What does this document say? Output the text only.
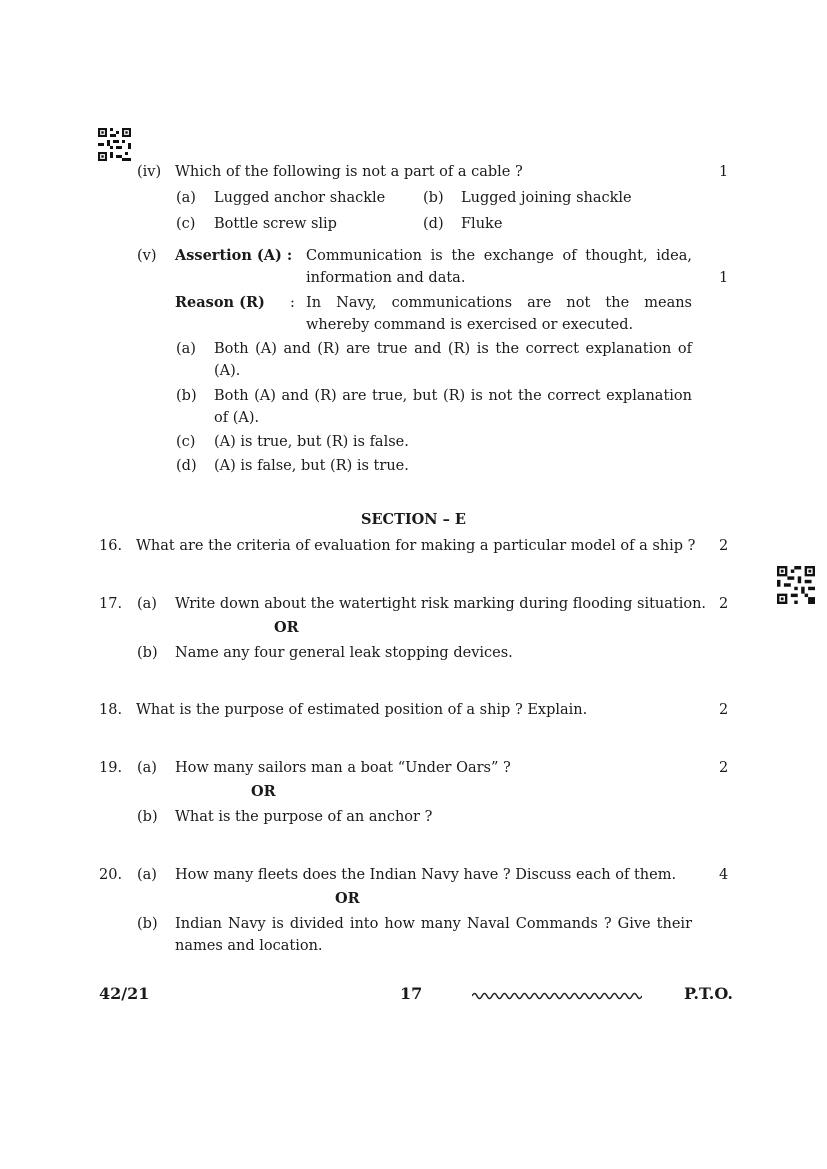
(iv) Which of the following is not a part of a cable ?	1
(a) Lugged anchor shackle	(b) Lugged joining shackle
(c) Bottle screw slip	(d) Fluke
(v) Assertion (A) : Communication is the exchange of thought, idea,
information and data.	1
Reason (R) : In Navy, communications are not the means
whereby command is exercised or executed.
(a) Both (A) and (R) are true and (R) is the correct explanation of
(A).
(b) Both (A) and (R) are true, but (R) is not the correct explanation
of (A).
(c) (A) is true, but (R) is false.
(d) (A) is false, but (R) is true.
SECTION – E
16. What are the criteria of evaluation for making a particular model of a ship ? 2
17. (a) Write down about the watertight risk marking during flooding situation. 2
OR
(b) Name any four general leak stopping devices.
18. What is the purpose of estimated position of a ship ? Explain.	2
19. (a) How many sailors man a boat “Under Oars” ?	2
OR
(b) What is the purpose of an anchor ?
20. (a) How many fleets does the Indian Navy have ? Discuss each of them.	4
OR
(b) Indian Navy is divided into how many Naval Commands ? Give their
names and location.
42/21	17	P.T.O.
